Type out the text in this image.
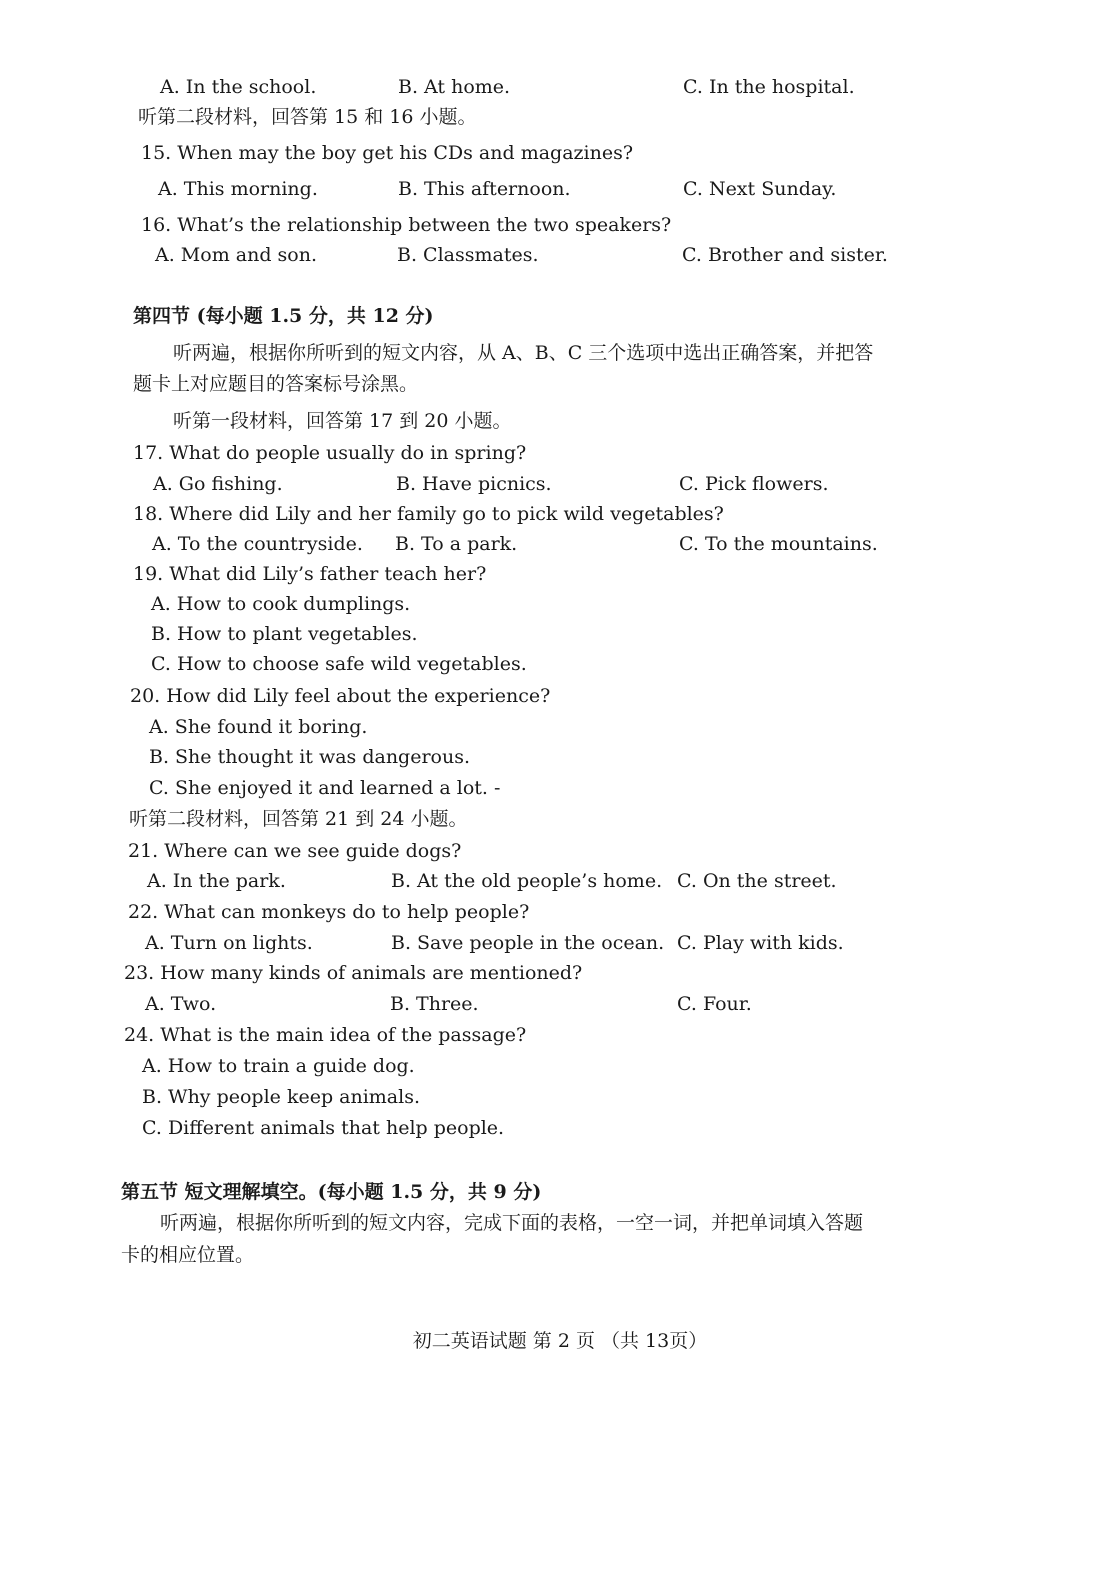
A. In the school.	B. At home.	C. In the hospital.
听第二段材料，回答第 15 和 16 小题。
15. When may the boy get his CDs and magazines?
A. This morning.	B. This afternoon.	C. Next Sunday.
16. What’s the relationship between the two speakers?
A. Mom and son.	B. Classmates.	C. Brother and sister.
第四节 (每小题 1.5 分，共 12 分)
听两遍，根据你所听到的短文内容，从 A、B、C 三个选项中选出正确答案，并把答
题卡上对应题目的答案标号涂黑。
听第一段材料，回答第 17 到 20 小题。
17. What do people usually do in spring?
A. Go fishing.	B. Have picnics.	C. Pick flowers.
18. Where did Lily and her family go to pick wild vegetables?
A. To the countryside. B. To a park.	C. To the mountains.
19. What did Lily’s father teach her?
A. How to cook dumplings.
B. How to plant vegetables.
C. How to choose safe wild vegetables.
20. How did Lily feel about the experience?
A. She found it boring.
B. She thought it was dangerous.
C. She enjoyed it and learned a lot. -
听第二段材料，回答第 21 到 24 小题。
21. Where can we see guide dogs?
A. In the park.	B. At the old people’s home. C. On the street.
22. What can monkeys do to help people?
A. Turn on lights.	B. Save people in the ocean. C. Play with kids.
23. How many kinds of animals are mentioned?
A. Two.	B. Three.	C. Four.
24. What is the main idea of the passage?
A. How to train a guide dog.
B. Why people keep animals.
C. Different animals that help people.
第五节 短文理解填空。(每小题 1.5 分，共 9 分)
听两遍，根据你所听到的短文内容，完成下面的表格，一空一词，并把单词填入答题
卡的相应位置。
初二英语试题 第 2 页 （共 13页）
